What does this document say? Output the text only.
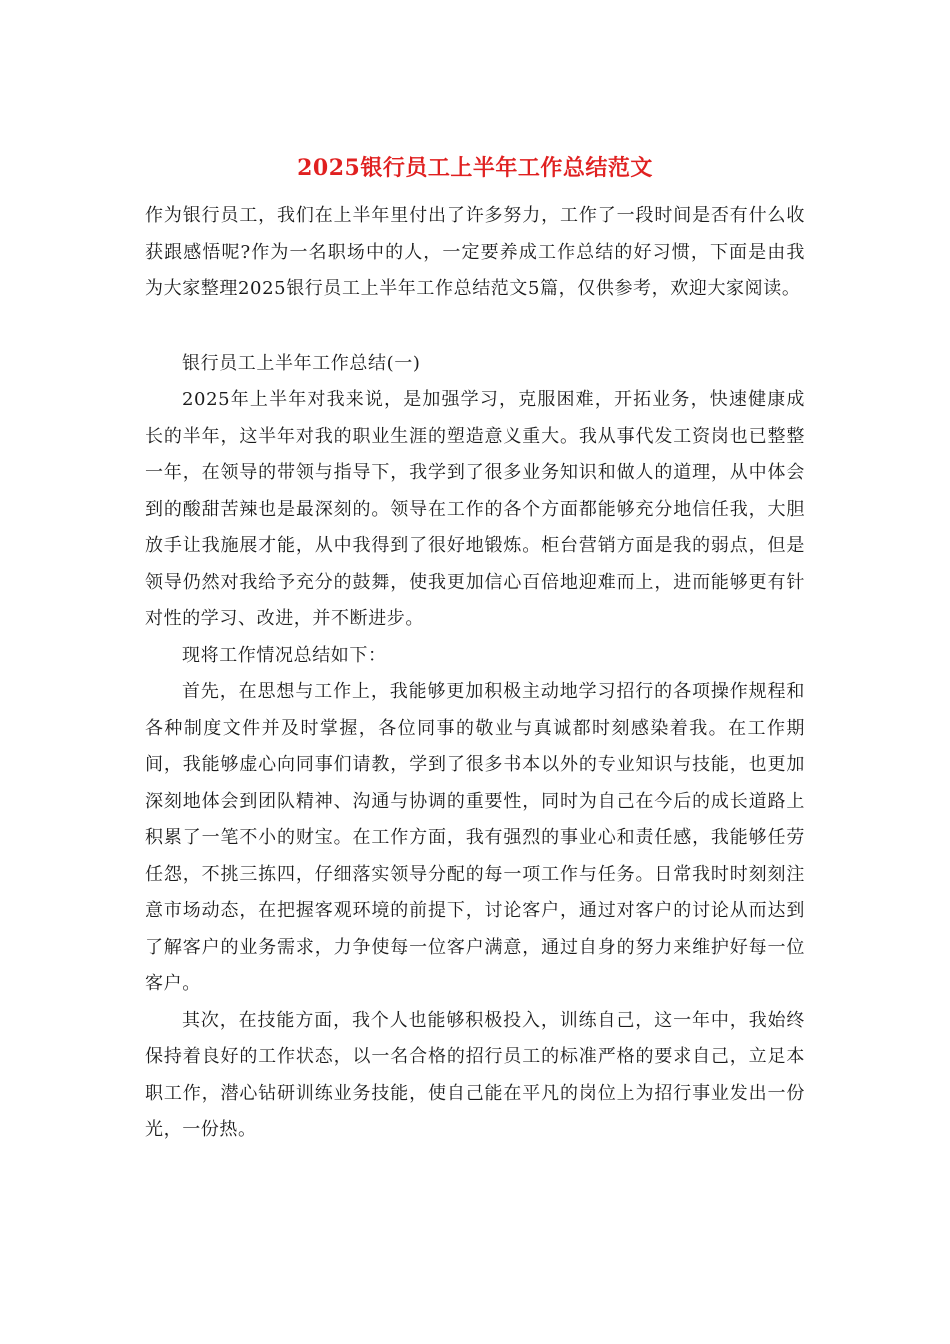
2025银行员工上半年工作总结范文

作为银行员工，我们在上半年里付出了许多努力，工作了一段时间是否有什么收获跟感悟呢?作为一名职场中的人，一定要养成工作总结的好习惯，下面是由我为大家整理2025银行员工上半年工作总结范文5篇，仅供参考，欢迎大家阅读。

银行员工上半年工作总结(一)

2025年上半年对我来说，是加强学习，克服困难，开拓业务，快速健康成长的半年，这半年对我的职业生涯的塑造意义重大。我从事代发工资岗也已整整一年，在领导的带领与指导下，我学到了很多业务知识和做人的道理，从中体会到的酸甜苦辣也是最深刻的。领导在工作的各个方面都能够充分地信任我，大胆放手让我施展才能，从中我得到了很好地锻炼。柜台营销方面是我的弱点，但是领导仍然对我给予充分的鼓舞，使我更加信心百倍地迎难而上，进而能够更有针对性的学习、改进，并不断进步。

现将工作情况总结如下：

首先，在思想与工作上，我能够更加积极主动地学习招行的各项操作规程和各种制度文件并及时掌握，各位同事的敬业与真诚都时刻感染着我。在工作期间，我能够虚心向同事们请教，学到了很多书本以外的专业知识与技能，也更加深刻地体会到团队精神、沟通与协调的重要性，同时为自己在今后的成长道路上积累了一笔不小的财宝。在工作方面，我有强烈的事业心和责任感，我能够任劳任怨，不挑三拣四，仔细落实领导分配的每一项工作与任务。日常我时时刻刻注意市场动态，在把握客观环境的前提下，讨论客户，通过对客户的讨论从而达到了解客户的业务需求，力争使每一位客户满意，通过自身的努力来维护好每一位客户。

其次，在技能方面，我个人也能够积极投入，训练自己，这一年中，我始终保持着良好的工作状态，以一名合格的招行员工的标准严格的要求自己，立足本职工作，潜心钻研训练业务技能，使自己能在平凡的岗位上为招行事业发出一份光，一份热。
